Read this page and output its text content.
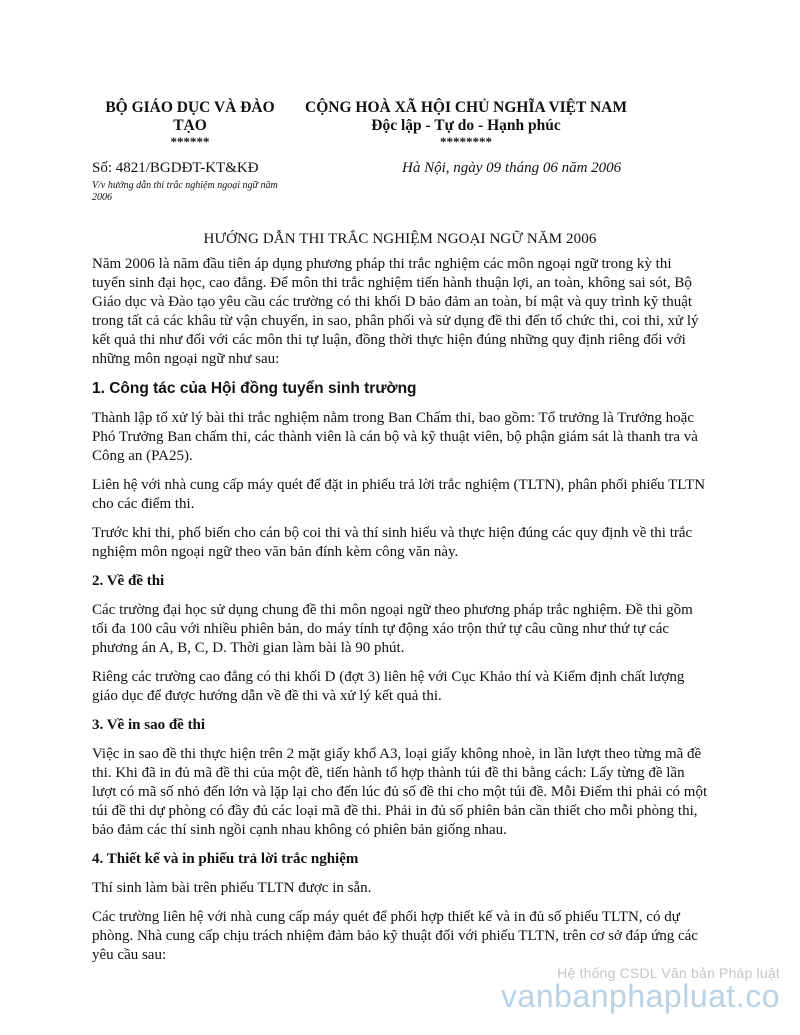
BỘ GIÁO DỤC VÀ ĐÀO
TẠO
******
CỘNG HOÀ XÃ HỘI CHỦ NGHĨA VIỆT NAM
Độc lập - Tự do - Hạnh phúc
********
Số: 4821/BGDĐT-KT&KĐ
V/v hướng dẫn thi trắc nghiệm ngoại ngữ năm 2006
Hà Nội, ngày 09 tháng 06 năm 2006
HƯỚNG DẪN THI TRẮC NGHIỆM NGOẠI NGỮ NĂM 2006

Năm 2006 là năm đầu tiên áp dụng phương pháp thi trắc nghiệm các môn ngoại ngữ trong kỳ thi tuyển sinh đại học, cao đẳng. Để môn thi trắc nghiệm tiến hành thuận lợi, an toàn, không sai sót, Bộ Giáo dục và Đào tạo yêu cầu các trường có thi khối D bảo đảm an toàn, bí mật và quy trình kỹ thuật trong tất cả các khâu từ vận chuyển, in sao, phân phối và sử dụng đề thi đến tổ chức thi, coi thi, xử lý kết quả thi như đối với các môn thi tự luận, đồng thời thực hiện đúng những quy định riêng đối với những môn ngoại ngữ như sau:

1. Công tác của Hội đồng tuyển sinh trường

Thành lập tổ xử lý bài thi trắc nghiệm nằm trong Ban Chấm thi, bao gồm: Tổ trưởng là Trưởng hoặc Phó Trưởng Ban chấm thi, các thành viên là cán bộ và kỹ thuật viên, bộ phận giám sát là thanh tra và Công an (PA25).

Liên hệ với nhà cung cấp máy quét để đặt in phiếu trả lời trắc nghiệm (TLTN), phân phối phiếu TLTN cho các điểm thi.

Trước khi thi, phổ biến cho cán bộ coi thi và thí sinh hiểu và thực hiện đúng các quy định về thi trắc nghiệm môn ngoại ngữ theo văn bản đính kèm công văn này.

2. Về đề thi

Các trường đại học sử dụng chung đề thi môn ngoại ngữ theo phương pháp trắc nghiệm. Đề thi gồm tối đa 100 câu với nhiều phiên bản, do máy tính tự động xáo trộn thứ tự câu cũng như thứ tự các phương án A, B, C, D. Thời gian làm bài là 90 phút.

Riêng các trường cao đẳng có thi khối D (đợt 3) liên hệ với Cục Khảo thí và Kiểm định chất lượng giáo dục để được hướng dẫn về đề thi và xử lý kết quả thi.

3. Về in sao đề thi

Việc in sao đề thi thực hiện trên 2 mặt giấy khổ A3, loại giấy không nhoè, in lần lượt theo từng mã đề thi. Khi đã in đủ mã đề thi của một đề, tiến hành tổ hợp thành túi đề thi bằng cách: Lấy từng đề lần lượt có mã số nhỏ đến lớn và lặp lại cho đến lúc đủ số đề thi cho một túi đề. Mỗi Điểm thi phải có một túi đề thi dự phòng có đầy đủ các loại mã đề thi. Phải in đủ số phiên bản cần thiết cho mỗi phòng thi, bảo đảm các thí sinh ngồi cạnh nhau không có phiên bản giống nhau.

4. Thiết kế và in phiếu trả lời trắc nghiệm

Thí sinh làm bài trên phiếu TLTN được in sẵn.

Các trường liên hệ với nhà cung cấp máy quét để phối hợp thiết kế và in đủ số phiếu TLTN, có dự phòng. Nhà cung cấp chịu trách nhiệm đảm bảo kỹ thuật đối với phiếu TLTN, trên cơ sở đáp ứng các yêu cầu sau:

Hệ thống CSDL Văn bản Pháp luật
vanbanphapluat.co
